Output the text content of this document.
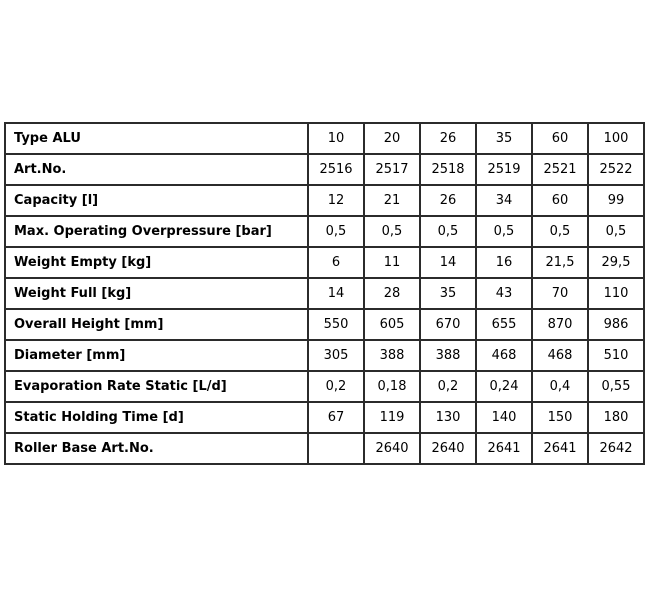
Type ALU	10	20	26	35	60	100
Art.No.	2516	2517	2518	2519	2521	2522
Capacity [l]	12	21	26	34	60	99
Max. Operating Overpressure [bar]	0,5	0,5	0,5	0,5	0,5	0,5
Weight Empty [kg]	6	11	14	16	21,5	29,5
Weight Full [kg]	14	28	35	43	70	110
Overall Height [mm]	550	605	670	655	870	986
Diameter [mm]	305	388	388	468	468	510
Evaporation Rate Static [L/d]	0,2	0,18	0,2	0,24	0,4	0,55
Static Holding Time [d]	67	119	130	140	150	180
Roller Base Art.No.		2640	2640	2641	2641	2642
